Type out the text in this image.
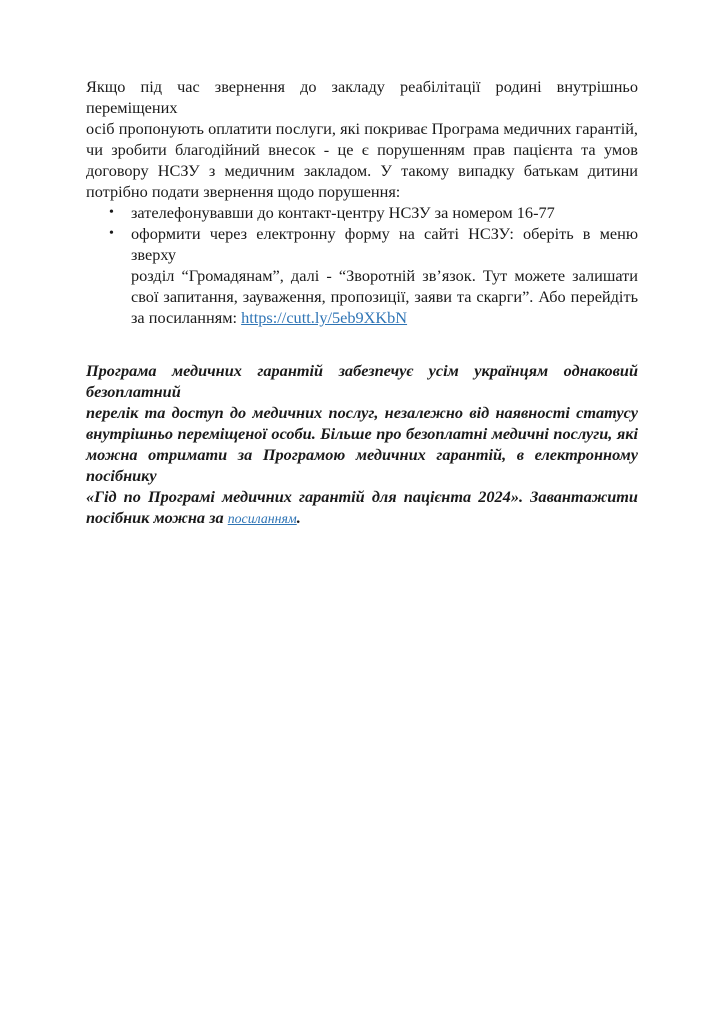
Якщо під час звернення до закладу реабілітації родині внутрішньо переміщених
осіб пропонують оплатити послуги, які покриває Програма медичних гарантій,
чи зробити благодійний внесок - це є порушенням прав пацієнта та умов
договору НСЗУ з медичним закладом. У такому випадку батькам дитини
потрібно подати звернення щодо порушення:
• зателефонувавши до контакт-центру НСЗУ за номером 16-77
• оформити через електронну форму на сайті НСЗУ: оберіть в меню зверху
розділ “Громадянам”, далі - “Зворотній зв’язок. Тут можете залишати
свої запитання, зауваження, пропозиції, заяви та скарги”. Або перейдіть
за посиланням: https://cutt.ly/5eb9XKbN
Програма медичних гарантій забезпечує усім українцям однаковий безоплатний
перелік та доступ до медичних послуг, незалежно від наявності статусу
внутрішньо переміщеної особи. Більше про безоплатні медичні послуги, які
можна отримати за Програмою медичних гарантій, в електронному посібнику
«Гід по Програмі медичних гарантій для пацієнта 2024». Завантажити
посібник можна за посиланням.
